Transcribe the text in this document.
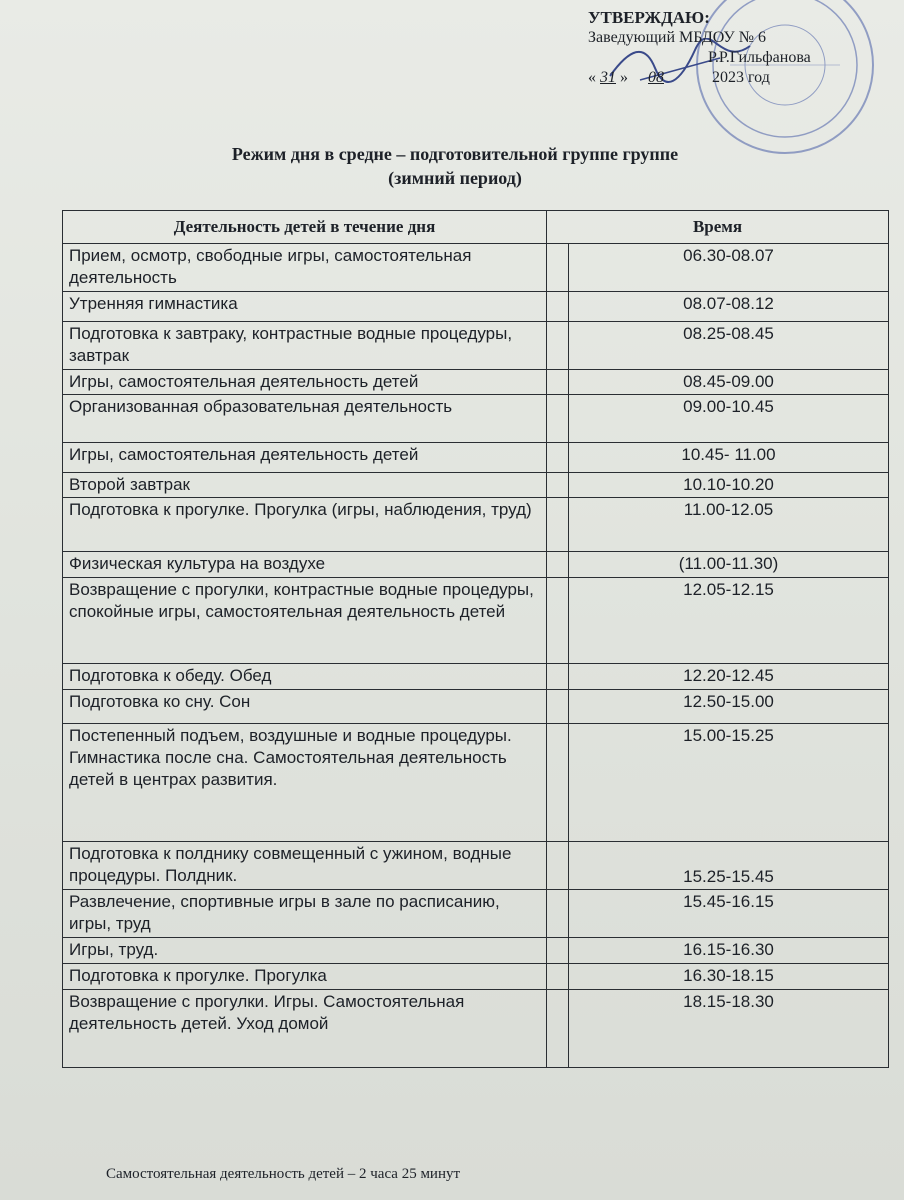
УТВЕРЖДАЮ:
Заведующий МБДОУ № 6
Р.Р.Гильфанова
« 31 » 08	2023 год
Режим дня в средне – подготовительной группе группе
(зимний период)
Деятельность детей в течение дня	Время	
Прием, осмотр, свободные игры, самостоятельная деятельность		06.30-08.07
Утренняя гимнастика		08.07-08.12
Подготовка к завтраку, контрастные водные процедуры, завтрак		08.25-08.45
Игры, самостоятельная деятельность детей		08.45-09.00
Организованная образовательная деятельность		09.00-10.45
Игры, самостоятельная деятельность детей		10.45- 11.00
Второй завтрак		10.10-10.20
Подготовка к прогулке. Прогулка (игры, наблюдения, труд)		11.00-12.05
Физическая культура на воздухе		(11.00-11.30)
Возвращение с прогулки, контрастные водные процедуры, спокойные игры, самостоятельная деятельность детей		12.05-12.15
Подготовка к обеду. Обед		12.20-12.45
Подготовка ко сну. Сон		12.50-15.00
Постепенный подъем, воздушные и водные процедуры. Гимнастика после сна. Самостоятельная деятельность детей в центрах развития.		15.00-15.25
Подготовка к полднику совмещенный с ужином, водные процедуры. Полдник.		15.25-15.45
Развлечение, спортивные игры в зале по расписанию, игры, труд		15.45-16.15
Игры, труд.		16.15-16.30
Подготовка к прогулке. Прогулка		16.30-18.15
Возвращение с прогулки. Игры. Самостоятельная деятельность детей. Уход домой		18.15-18.30
Самостоятельная деятельность детей – 2 часа 25 минут
